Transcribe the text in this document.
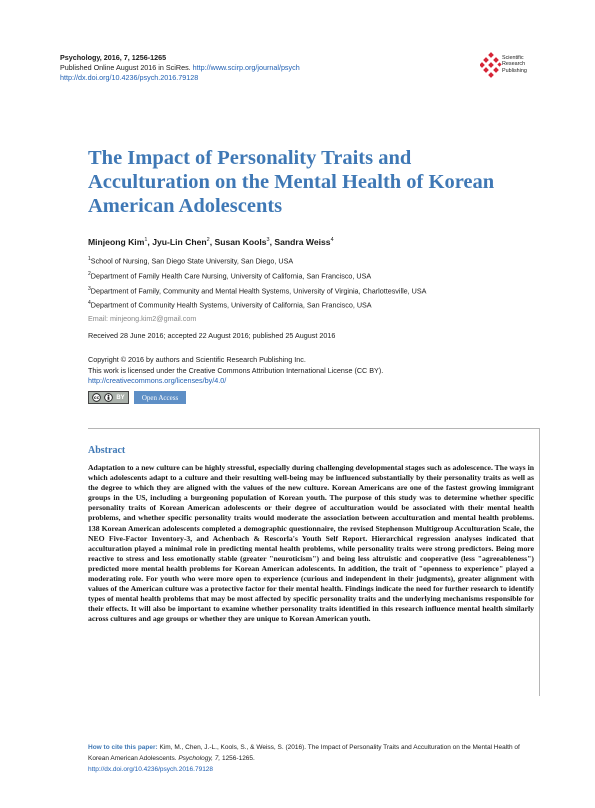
Psychology, 2016, 7, 1256-1265
Published Online August 2016 in SciRes. http://www.scirp.org/journal/psych
http://dx.doi.org/10.4236/psych.2016.79128
Scientific
Research
Publishing
The Impact of Personality Traits and Acculturation on the Mental Health of Korean American Adolescents
Minjeong Kim$^1$, Jyu-Lin Chen$^2$, Susan Kools$^3$, Sandra Weiss$^4$
$^1$School of Nursing, San Diego State University, San Diego, USA
$^2$Department of Family Health Care Nursing, University of California, San Francisco, USA
$^3$Department of Family, Community and Mental Health Systems, University of Virginia, Charlottesville, USA
$^4$Department of Community Health Systems, University of California, San Francisco, USA
Email: minjeong.kim2@gmail.com
Received 28 June 2016; accepted 22 August 2016; published 25 August 2016
Copyright © 2016 by authors and Scientific Research Publishing Inc.
This work is licensed under the Creative Commons Attribution International License (CC BY).
http://creativecommons.org/licenses/by/4.0/
cc	BY	Open Access
Abstract
Adaptation to a new culture can be highly stressful, especially during challenging developmental stages such as adolescence. The ways in which adolescents adapt to a culture and their resulting well-being may be influenced substantially by their personality traits as well as the degree to which they are aligned with the values of the new culture. Korean Americans are one of the fastest growing immigrant groups in the US, including a burgeoning population of Korean youth. The purpose of this study was to determine whether specific personality traits of Korean American adolescents or their degree of acculturation would be associated with their mental health problems, and whether specific personality traits would moderate the association between acculturation and mental health problems. 138 Korean American adolescents completed a demographic questionnaire, the revised Stephenson Multigroup Acculturation Scale, the NEO Five-Factor Inventory-3, and Achenbach & Rescorla's Youth Self Report. Hierarchical regression analyses indicated that acculturation played a minimal role in predicting mental health problems, while personality traits were strong predictors. Being more reactive to stress and less emotionally stable (greater "neuroticism") and being less altruistic and cooperative (less "agreeableness") predicted more mental health problems for Korean American adolescents. In addition, the trait of "openness to experience" played a moderating role. For youth who were more open to experience (curious and independent in their judgments), greater alignment with values of the American culture was a protective factor for their mental health. Findings indicate the need for further research to identify types of mental health problems that may be most affected by specific personality traits and the underlying mechanisms responsible for their effects. It will also be important to examine whether personality traits identified in this research influence mental health similarly across cultures and age groups or whether they are unique to Korean American youth.
How to cite this paper: Kim, M., Chen, J.-L., Kools, S., & Weiss, S. (2016). The Impact of Personality Traits and Acculturation on the Mental Health of Korean American Adolescents. Psychology, 7, 1256-1265.
http://dx.doi.org/10.4236/psych.2016.79128
